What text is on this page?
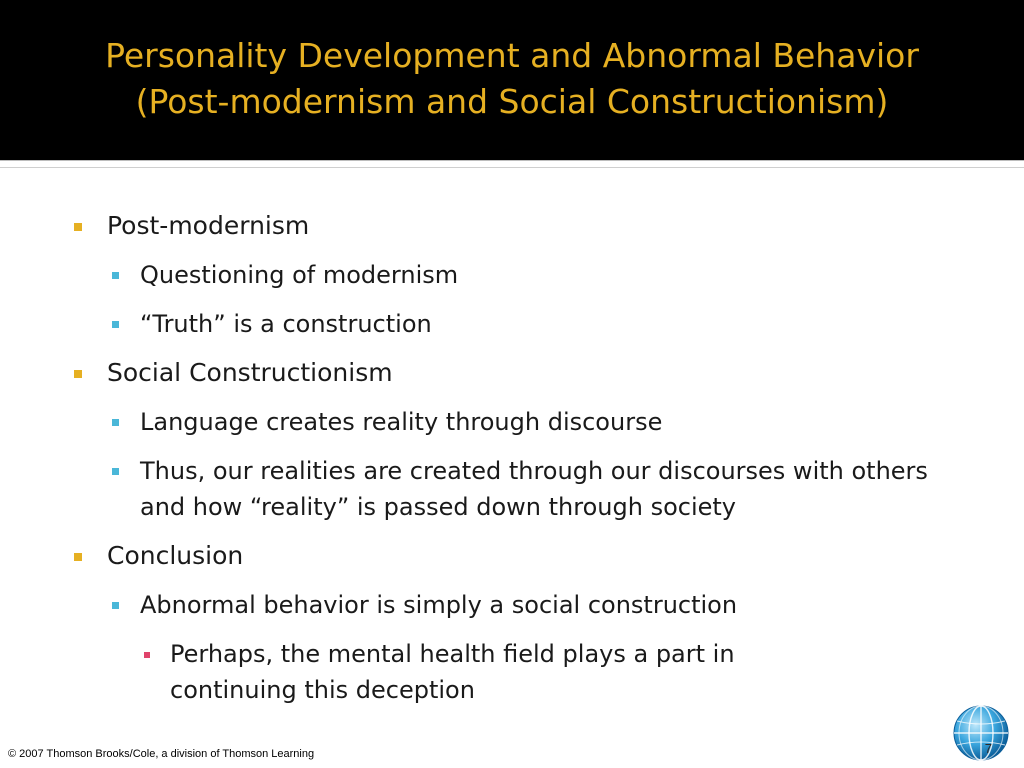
Personality Development and Abnormal Behavior
(Post-modernism and Social Constructionism)
Post-modernism
Questioning of modernism
“Truth” is a construction
Social Constructionism
Language creates reality through discourse
Thus, our realities are created through our discourses with others and how “reality” is passed down through society
Conclusion
Abnormal behavior is simply a social construction
Perhaps, the mental health field plays a part in continuing this deception
© 2007 Thomson Brooks/Cole, a division of Thomson Learning	7
